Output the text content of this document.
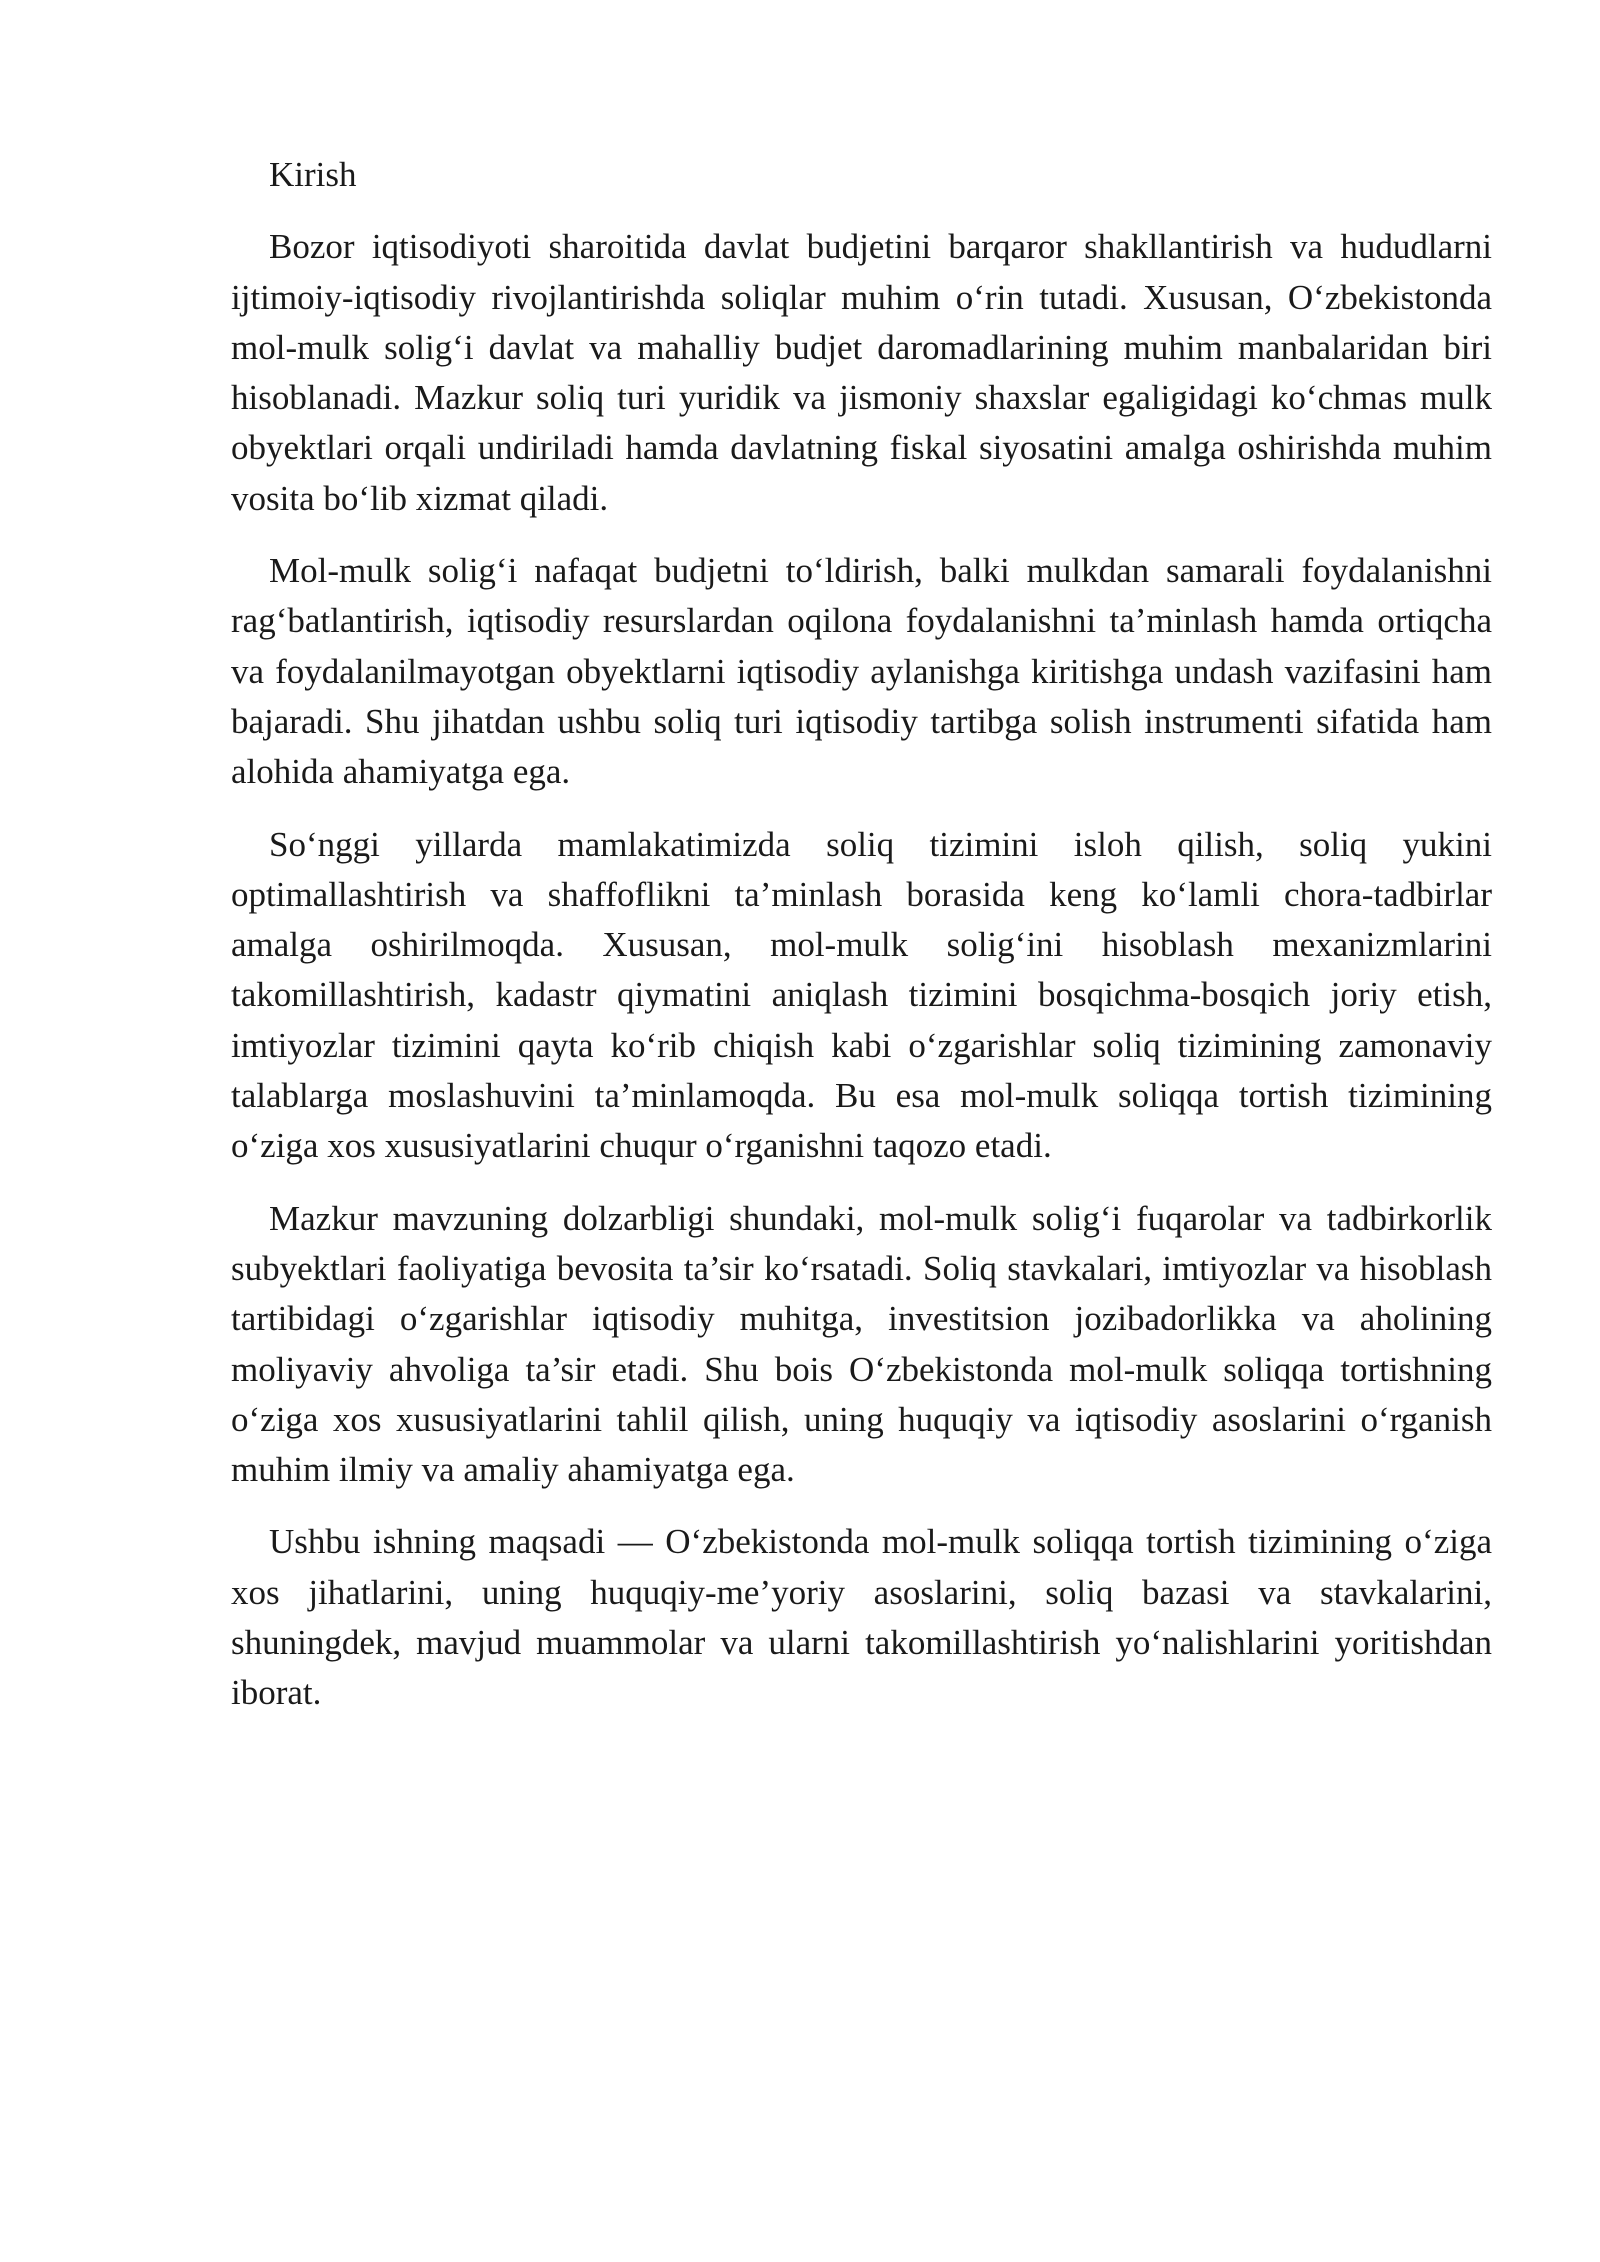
Kirish

Bozor iqtisodiyoti sharoitida davlat budjetini barqaror shakllantirish va hududlarni ijtimoiy-iqtisodiy rivojlantirishda soliqlar muhim o‘rin tutadi. Xususan, O‘zbekistonda mol-mulk solig‘i davlat va mahalliy budjet daromadlarining muhim manbalaridan biri hisoblanadi. Mazkur soliq turi yuridik va jismoniy shaxslar egaligidagi ko‘chmas mulk obyektlari orqali undiriladi hamda davlatning fiskal siyosatini amalga oshirishda muhim vosita bo‘lib xizmat qiladi.

Mol-mulk solig‘i nafaqat budjetni to‘ldirish, balki mulkdan samarali foydalanishni rag‘batlantirish, iqtisodiy resurslardan oqilona foydalanishni ta’minlash hamda ortiqcha va foydalanilmayotgan obyektlarni iqtisodiy aylanishga kiritishga undash vazifasini ham bajaradi. Shu jihatdan ushbu soliq turi iqtisodiy tartibga solish instrumenti sifatida ham alohida ahamiyatga ega.

So‘nggi yillarda mamlakatimizda soliq tizimini isloh qilish, soliq yukini optimallashtirish va shaffoflikni ta’minlash borasida keng ko‘lamli chora-tadbirlar amalga oshirilmoqda. Xususan, mol-mulk solig‘ini hisoblash mexanizmlarini takomillashtirish, kadastr qiymatini aniqlash tizimini bosqichma-bosqich joriy etish, imtiyozlar tizimini qayta ko‘rib chiqish kabi o‘zgarishlar soliq tizimining zamonaviy talablarga moslashuvini ta’minlamoqda. Bu esa mol-mulk soliqqa tortish tizimining o‘ziga xos xususiyatlarini chuqur o‘rganishni taqozo etadi.

Mazkur mavzuning dolzarbligi shundaki, mol-mulk solig‘i fuqarolar va tadbirkorlik subyektlari faoliyatiga bevosita ta’sir ko‘rsatadi. Soliq stavkalari, imtiyozlar va hisoblash tartibidagi o‘zgarishlar iqtisodiy muhitga, investitsion jozibadorlikka va aholining moliyaviy ahvoliga ta’sir etadi. Shu bois O‘zbekistonda mol-mulk soliqqa tortishning o‘ziga xos xususiyatlarini tahlil qilish, uning huquqiy va iqtisodiy asoslarini o‘rganish muhim ilmiy va amaliy ahamiyatga ega.

Ushbu ishning maqsadi — O‘zbekistonda mol-mulk soliqqa tortish tizimining o‘ziga xos jihatlarini, uning huquqiy-me’yoriy asoslarini, soliq bazasi va stavkalarini, shuningdek, mavjud muammolar va ularni takomillashtirish yo‘nalishlarini yoritishdan iborat.
